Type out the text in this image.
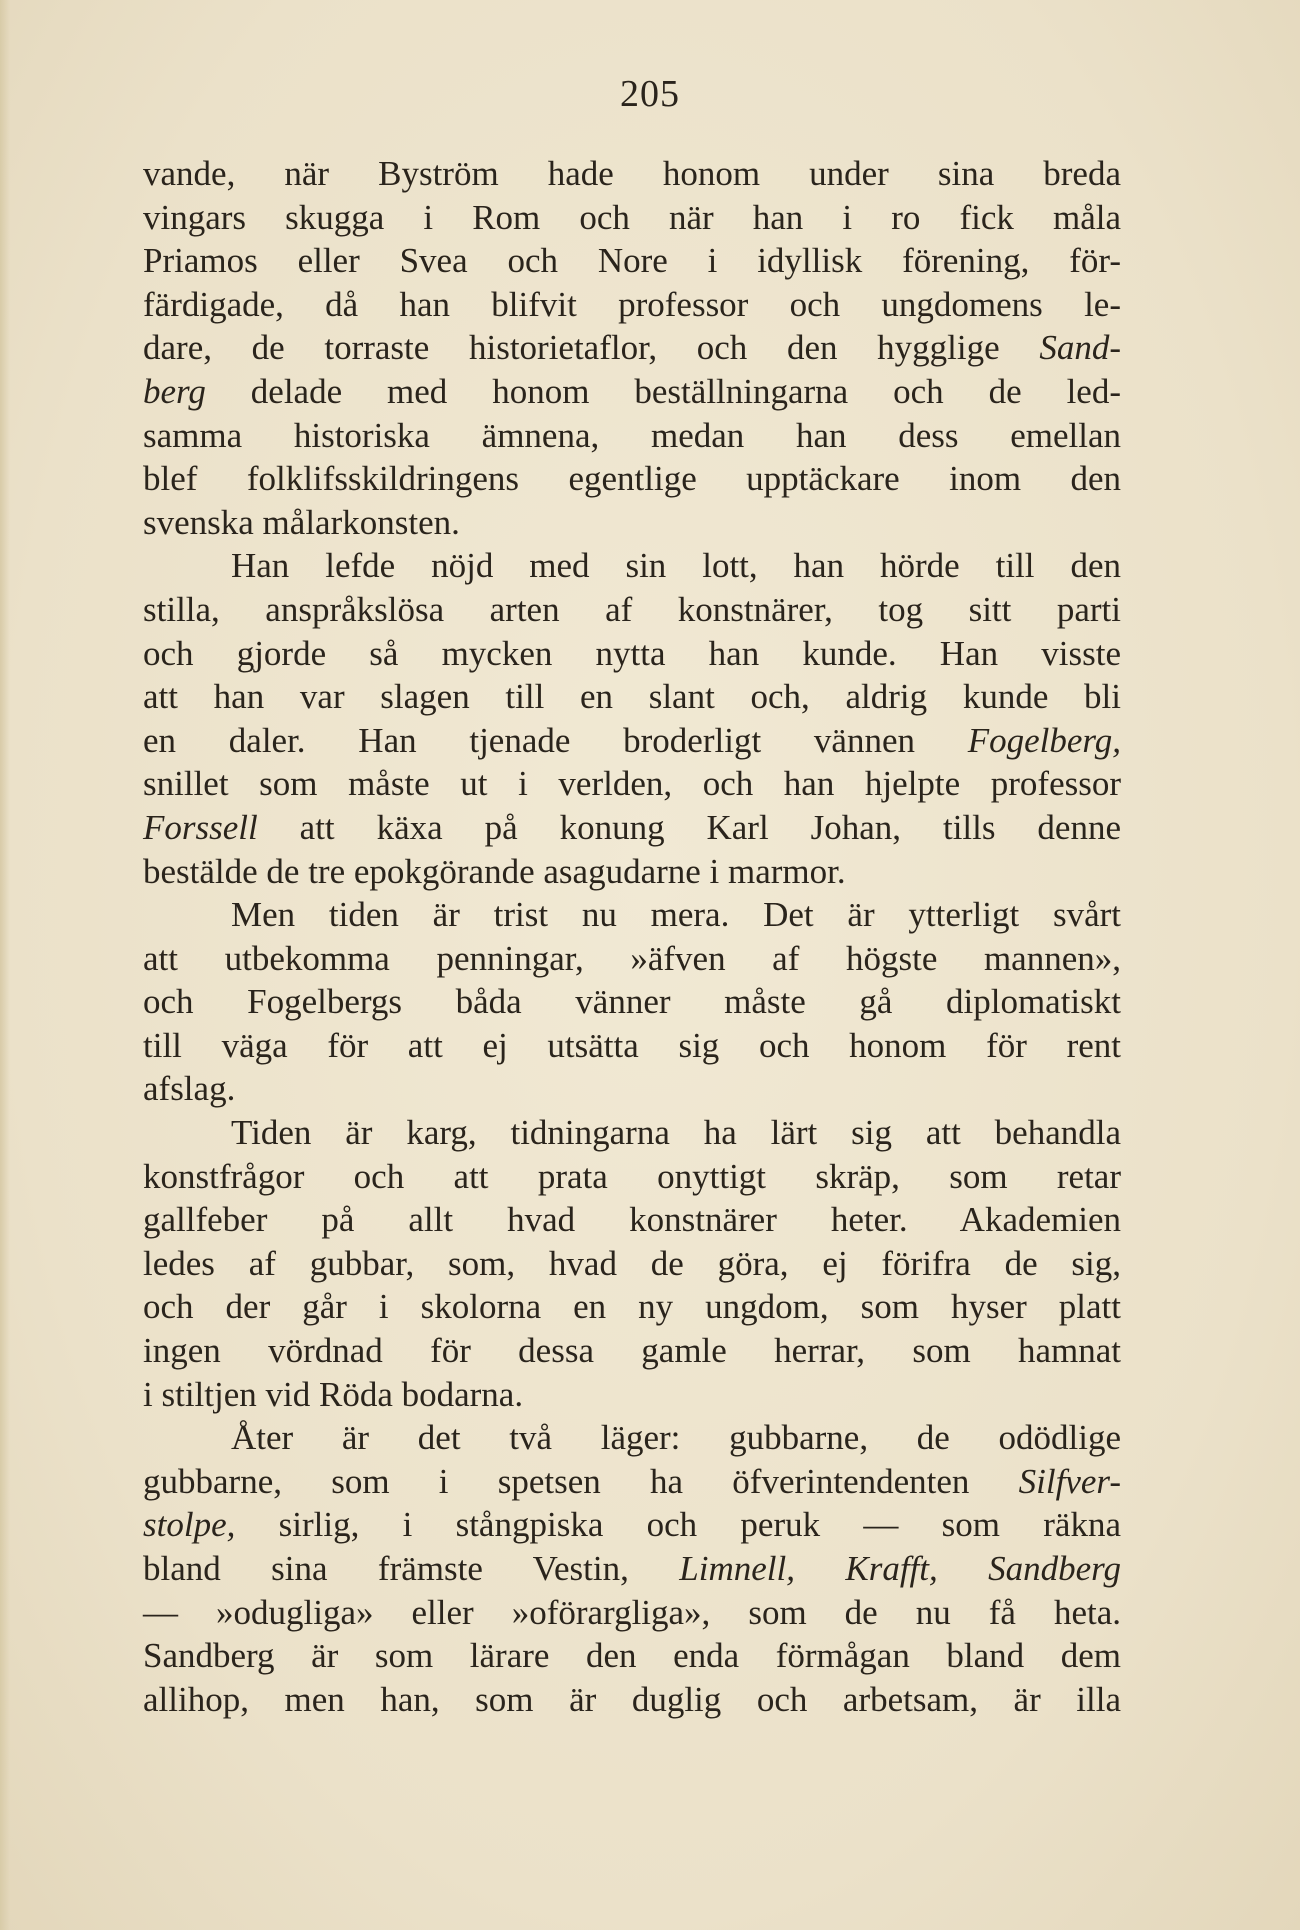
205
vande, när Byström hade honom under sina breda
vingars skugga i Rom och när han i ro fick måla
Priamos eller Svea och Nore i idyllisk förening, för-
färdigade, då han blifvit professor och ungdomens le-
dare, de torraste historietaflor, och den hygglige Sand-
berg delade med honom beställningarna och de led-
samma historiska ämnena, medan han dess emellan
blef folklifsskildringens egentlige upptäckare inom den
svenska målarkonsten.
Han lefde nöjd med sin lott, han hörde till den
stilla, anspråkslösa arten af konstnärer, tog sitt parti
och gjorde så mycken nytta han kunde. Han visste
att han var slagen till en slant och, aldrig kunde bli
en daler. Han tjenade broderligt vännen Fogelberg,
snillet som måste ut i verlden, och han hjelpte professor
Forssell att käxa på konung Karl Johan, tills denne
bestälde de tre epokgörande asagudarne i marmor.
Men tiden är trist nu mera. Det är ytterligt svårt
att utbekomma penningar, »äfven af högste mannen»,
och Fogelbergs båda vänner måste gå diplomatiskt
till väga för att ej utsätta sig och honom för rent
afslag.
Tiden är karg, tidningarna ha lärt sig att behandla
konstfrågor och att prata onyttigt skräp, som retar
gallfeber på allt hvad konstnärer heter. Akademien
ledes af gubbar, som, hvad de göra, ej förifra de sig,
och der går i skolorna en ny ungdom, som hyser platt
ingen vördnad för dessa gamle herrar, som hamnat
i stiltjen vid Röda bodarna.
Åter är det två läger: gubbarne, de odödlige
gubbarne, som i spetsen ha öfverintendenten Silfver-
stolpe, sirlig, i stångpiska och peruk — som räkna
bland sina främste Vestin, Limnell, Krafft, Sandberg
— »odugliga» eller »oförargliga», som de nu få heta.
Sandberg är som lärare den enda förmågan bland dem
allihop, men han, som är duglig och arbetsam, är illa
